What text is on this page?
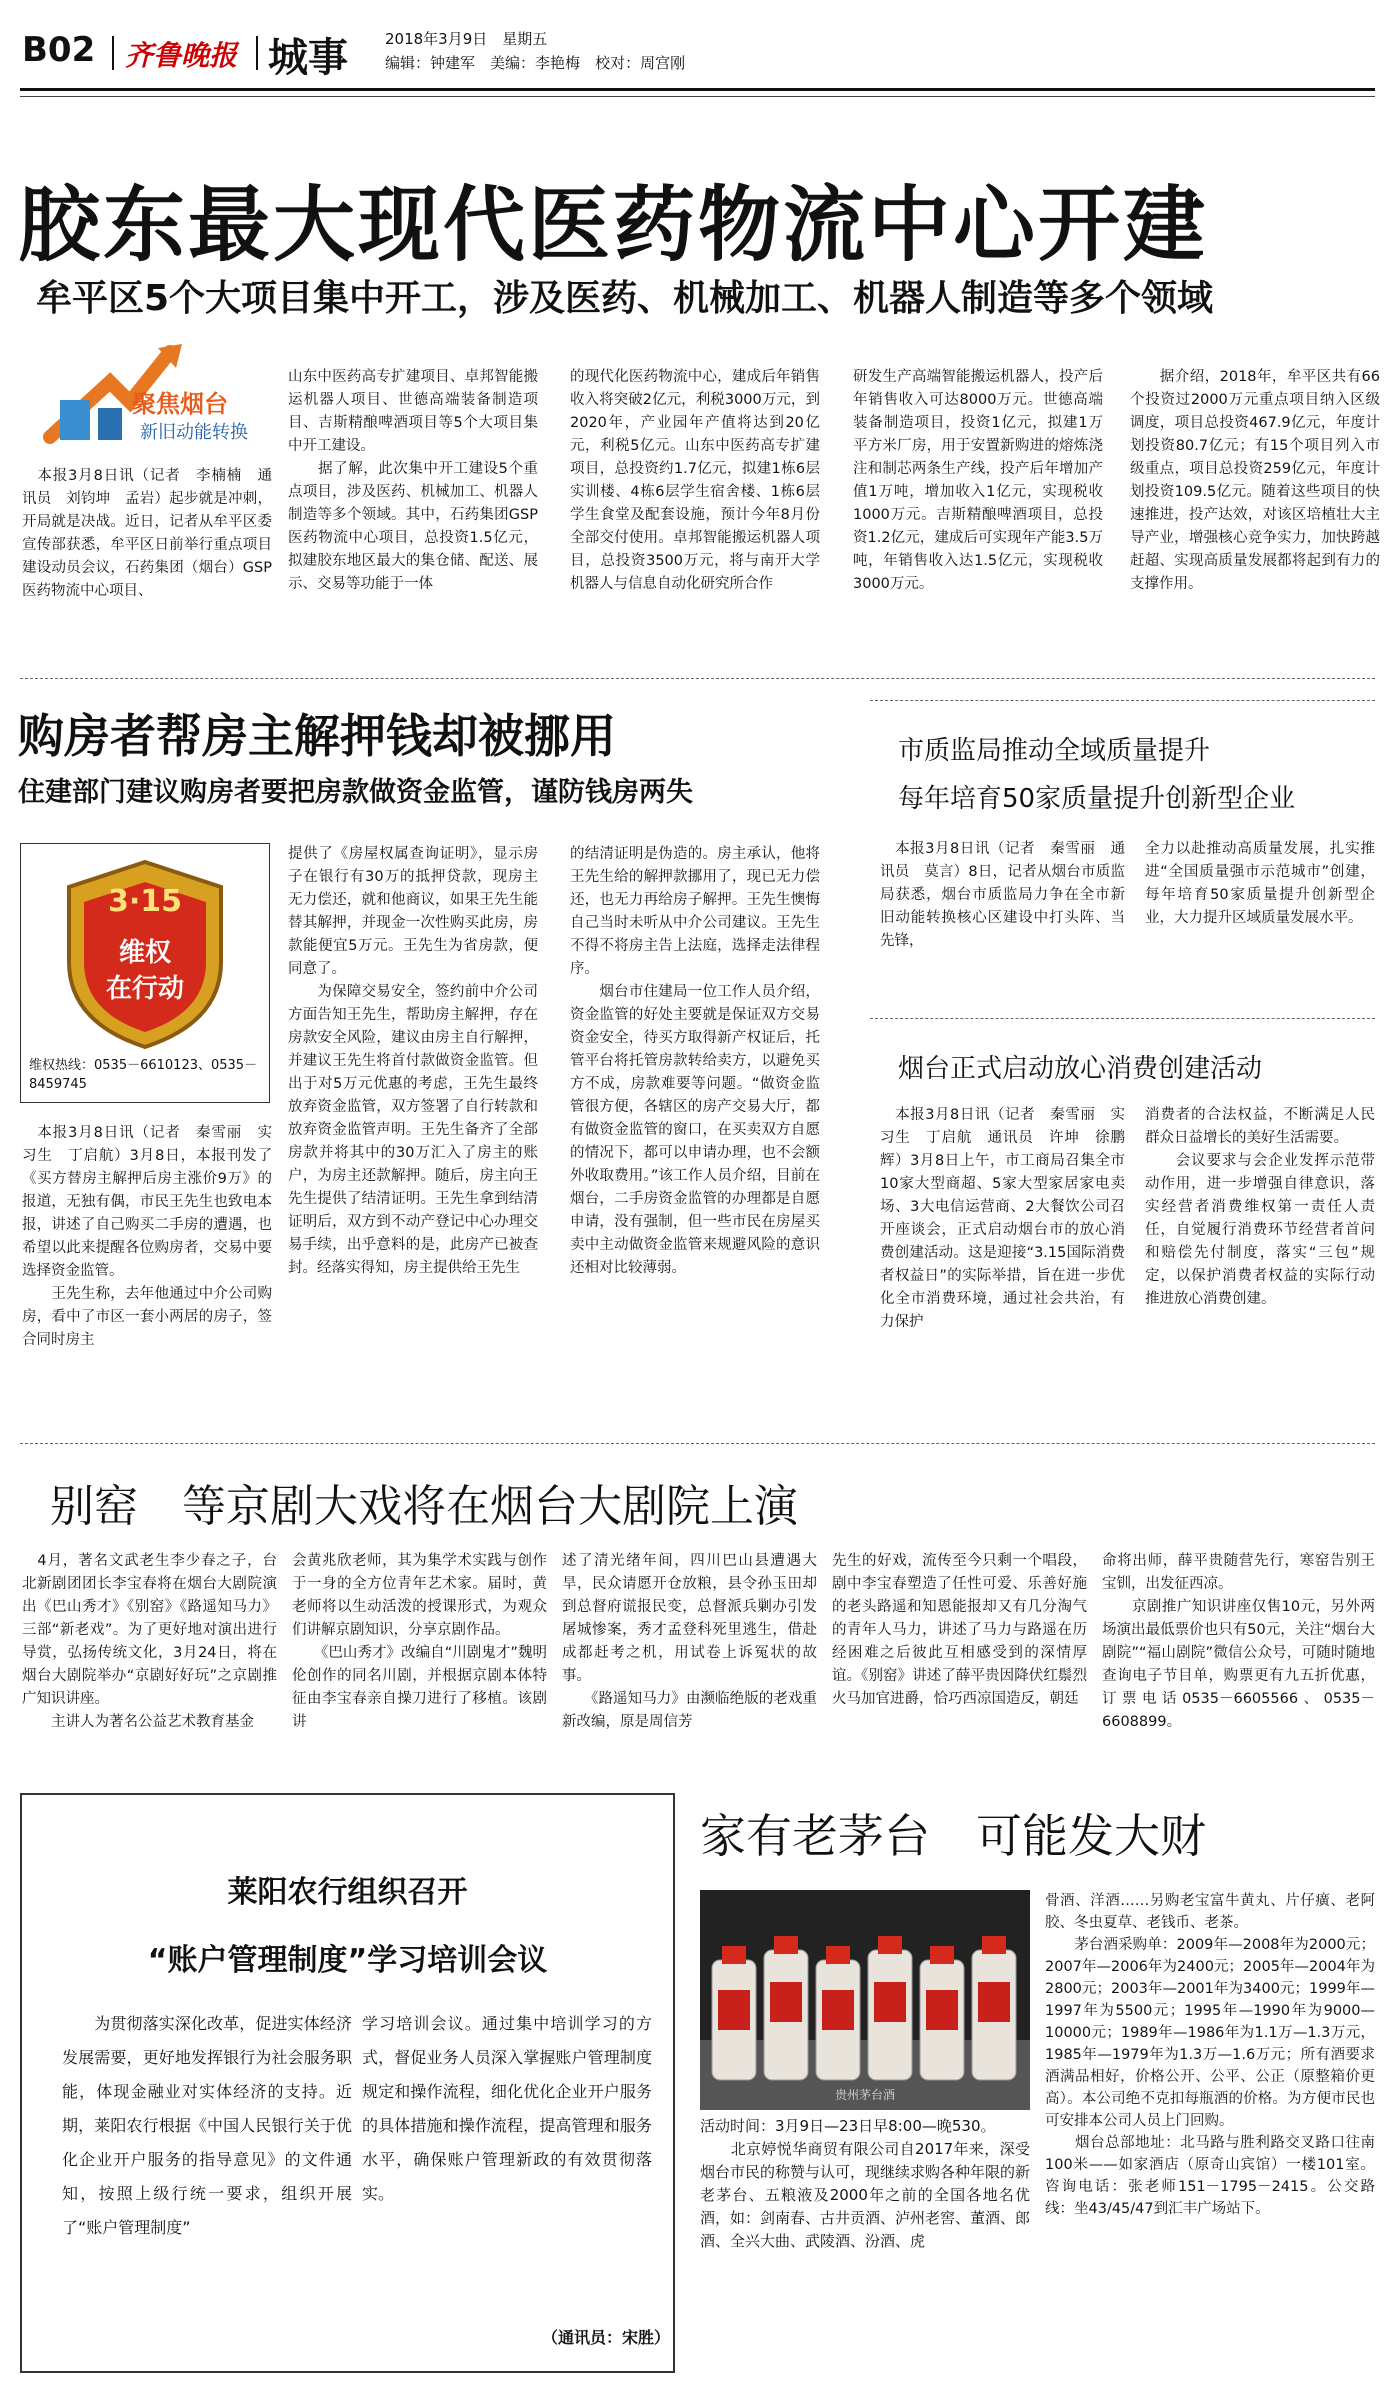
B02 齐鲁晚报 城事 2018年3月9日　 星期五
编辑：钟建军　 美编：李艳梅　 校对：周宫刚
胶东最大现代医药物流中心开建
牟平区5个大项目集中开工，涉及医药、机械加工、机器人制造等多个领域
聚焦烟台
新旧动能转换
　本报3月8日讯（记者　李楠楠　通讯员　刘钧坤　孟岩）起步就是冲刺，开局就是决战。近日，记者从牟平区委宣传部获悉，牟平区日前举行重点项目建设动员会议，石药集团（烟台）GSP医药物流中心项目、
山东中医药高专扩建项目、卓邦智能搬运机器人项目、世德高端装备制造项目、吉斯精酿啤酒项目等5个大项目集中开工建设。
　　据了解，此次集中开工建设5个重点项目，涉及医药、机械加工、机器人制造等多个领域。其中，石药集团GSP医药物流中心项目，总投资1.5亿元，拟建胶东地区最大的集仓储、配送、展示、交易等功能于一体
的现代化医药物流中心，建成后年销售收入将突破2亿元，利税3000万元，到2020年，产业园年产值将达到20亿元，利税5亿元。山东中医药高专扩建项目，总投资约1.7亿元，拟建1栋6层实训楼、4栋6层学生宿舍楼、1栋6层学生食堂及配套设施，预计今年8月份全部交付使用。卓邦智能搬运机器人项目，总投资3500万元，将与南开大学机器人与信息自动化研究所合作
研发生产高端智能搬运机器人，投产后年销售收入可达8000万元。世德高端装备制造项目，投资1亿元，拟建1万平方米厂房，用于安置新购进的熔炼浇注和制芯两条生产线，投产后年增加产值1万吨，增加收入1亿元，实现税收1000万元。吉斯精酿啤酒项目，总投资1.2亿元，建成后可实现年产能3.5万吨，年销售收入达1.5亿元，实现税收3000万元。
　　据介绍，2018年，牟平区共有66个投资过2000万元重点项目纳入区级调度，项目总投资467.9亿元，年度计划投资80.7亿元；有15个项目列入市级重点，项目总投资259亿元，年度计划投资109.5亿元。随着这些项目的快速推进，投产达效，对该区培植壮大主导产业，增强核心竞争实力，加快跨越赶超、实现高质量发展都将起到有力的支撑作用。
购房者帮房主解押钱却被挪用
住建部门建议购房者要把房款做资金监管，谨防钱房两失
3·15
维权
在行动
维权热线：0535－6610123、0535－8459745
　本报3月8日讯（记者　秦雪丽　实习生　丁启航）3月8日，本报刊发了《买方替房主解押后房主涨价9万》的报道，无独有偶，市民王先生也致电本报，讲述了自己购买二手房的遭遇，也希望以此来提醒各位购房者，交易中要选择资金监管。
　　王先生称，去年他通过中介公司购房，看中了市区一套小两居的房子，签合同时房主
提供了《房屋权属查询证明》，显示房子在银行有30万的抵押贷款，现房主无力偿还，就和他商议，如果王先生能替其解押，并现金一次性购买此房，房款能便宜5万元。王先生为省房款，便同意了。
　　为保障交易安全，签约前中介公司方面告知王先生，帮助房主解押，存在房款安全风险，建议由房主自行解押，并建议王先生将首付款做资金监管。但出于对5万元优惠的考虑，王先生最终放弃资金监管，双方签署了自行转款和放弃资金监管声明。王先生备齐了全部房款并将其中的30万汇入了房主的账户，为房主还款解押。随后，房主向王先生提供了结清证明。王先生拿到结清证明后，双方到不动产登记中心办理交易手续，出乎意料的是，此房产已被查封。经落实得知，房主提供给王先生
的结清证明是伪造的。房主承认，他将王先生给的解押款挪用了，现已无力偿还，也无力再给房子解押。王先生懊悔自己当时未听从中介公司建议。王先生不得不将房主告上法庭，选择走法律程序。
　　烟台市住建局一位工作人员介绍，资金监管的好处主要就是保证双方交易资金安全，待买方取得新产权证后，托管平台将托管房款转给卖方，以避免买方不成，房款难要等问题。“做资金监管很方便，各辖区的房产交易大厅，都有做资金监管的窗口，在买卖双方自愿的情况下，都可以申请办理，也不会额外收取费用。”该工作人员介绍，目前在烟台，二手房资金监管的办理都是自愿申请，没有强制，但一些市民在房屋买卖中主动做资金监管来规避风险的意识还相对比较薄弱。
市质监局推动全域质量提升
每年培育50家质量提升创新型企业
　本报3月8日讯（记者　秦雪丽　通讯员　莫言）8日，记者从烟台市质监局获悉，烟台市质监局力争在全市新旧动能转换核心区建设中打头阵、当先锋，
全力以赴推动高质量发展，扎实推进“全国质量强市示范城市”创建，每年培育50家质量提升创新型企业，大力提升区域质量发展水平。
烟台正式启动放心消费创建活动
　本报3月8日讯（记者　秦雪丽　实习生　丁启航　通讯员　许坤　徐鹏辉）3月8日上午，市工商局召集全市10家大型商超、5家大型家居家电卖场、3大电信运营商、2大餐饮公司召开座谈会，正式启动烟台市的放心消费创建活动。这是迎接“3.15国际消费者权益日”的实际举措，旨在进一步优化全市消费环境，通过社会共治，有力保护
消费者的合法权益，不断满足人民群众日益增长的美好生活需要。
　　会议要求与会企业发挥示范带动作用，进一步增强自律意识，落实经营者消费维权第一责任人责任，自觉履行消费环节经营者首问和赔偿先付制度，落实“三包”规定，以保护消费者权益的实际行动推进放心消费创建。
别窑　等京剧大戏将在烟台大剧院上演
　4月，著名文武老生李少春之子，台北新剧团团长李宝春将在烟台大剧院演出《巴山秀才》《别窑》《路遥知马力》三部“新老戏”。为了更好地对演出进行导赏，弘扬传统文化，3月24日，将在烟台大剧院举办“京剧好好玩”之京剧推广知识讲座。
　　主讲人为著名公益艺术教育基金
会黄兆欣老师，其为集学术实践与创作于一身的全方位青年艺术家。届时，黄老师将以生动活泼的授课形式，为观众们讲解京剧知识，分享京剧作品。
　　《巴山秀才》改编自“川剧鬼才”魏明伦创作的同名川剧，并根据京剧本体特征由李宝春亲自操刀进行了移植。该剧讲
述了清光绪年间，四川巴山县遭遇大旱，民众请愿开仓放粮，县令孙玉田却到总督府谎报民变，总督派兵剿办引发屠城惨案，秀才孟登科死里逃生，借赴成都赶考之机，用试卷上诉冤状的故事。
　　《路遥知马力》由濒临绝版的老戏重新改编，原是周信芳
先生的好戏，流传至今只剩一个唱段，剧中李宝春塑造了任性可爱、乐善好施的老头路遥和知恩能报却又有几分淘气的青年人马力，讲述了马力与路遥在历经困难之后彼此互相感受到的深情厚谊。《别窑》讲述了薛平贵因降伏红鬃烈火马加官进爵，恰巧西凉国造反，朝廷
命将出师，薛平贵随营先行，寒窑告别王宝钏，出发征西凉。
　　京剧推广知识讲座仅售10元，另外两场演出最低票价也只有50元，关注“烟台大剧院”“福山剧院”微信公众号，可随时随地查询电子节目单，购票更有九五折优惠，订票电话0535－6605566、0535－6608899。
莱阳农行组织召开
“账户管理制度”学习培训会议
　　为贯彻落实深化改革，促进实体经济发展需要，更好地发挥银行为社会服务职能，体现金融业对实体经济的支持。近期，莱阳农行根据《中国人民银行关于优化企业开户服务的指导意见》的文件通知，按照上级行统一要求，组织开展了“账户管理制度”
学习培训会议。通过集中培训学习的方式，督促业务人员深入掌握账户管理制度规定和操作流程，细化优化企业开户服务的具体措施和操作流程，提高管理和服务水平，确保账户管理新政的有效贯彻落实。
（通讯员：宋胜）
家有老茅台　可能发大财
贵州茅台酒
活动时间：3月9日—23日早8:00—晚530。
　　北京婷悦华商贸有限公司自2017年来，深受烟台市民的称赞与认可，现继续求购各种年限的新老茅台、五粮液及2000年之前的全国各地名优酒，如：剑南春、古井贡酒、泸州老窖、董酒、郎酒、全兴大曲、武陵酒、汾酒、虎
骨酒、洋酒……另购老宝富牛黄丸、片仔癀、老阿胶、冬虫夏草、老钱币、老茶。
　　茅台酒采购单：2009年—2008年为2000元；2007年—2006年为2400元；2005年—2004年为2800元；2003年—2001年为3400元；1999年—1997年为5500元；1995年—1990年为9000—10000元；1989年—1986年为1.1万—1.3万元，1985年—1979年为1.3万—1.6万元；所有酒要求酒满品相好，价格公开、公平、公正（原整箱价更高）。本公司绝不克扣每瓶酒的价格。为方便市民也可安排本公司人员上门回购。
　　烟台总部地址：北马路与胜利路交叉路口往南100米——如家酒店（原奇山宾馆）一楼101室。咨询电话：张老师151－1795－2415。公交路线：坐43/45/47到汇丰广场站下。
